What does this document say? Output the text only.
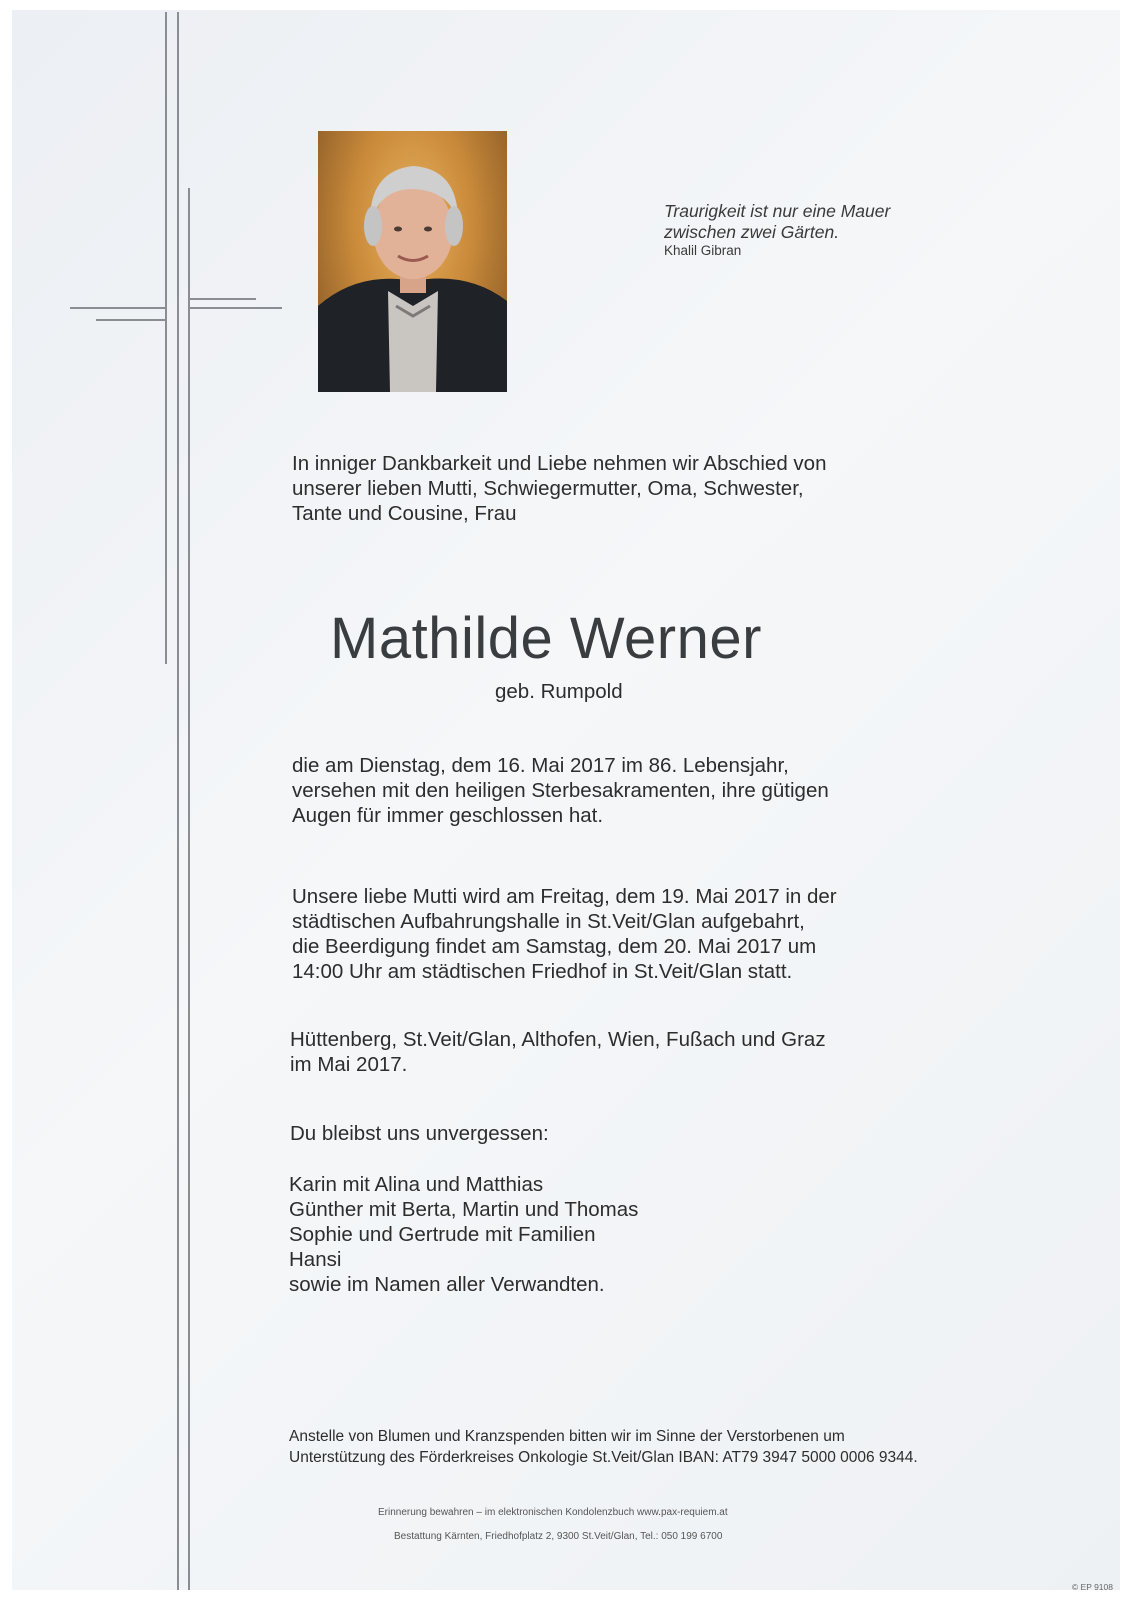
Traurigkeit ist nur eine Mauer
zwischen zwei Gärten.
Khalil Gibran
In inniger Dankbarkeit und Liebe nehmen wir Abschied von
unserer lieben Mutti, Schwiegermutter, Oma, Schwester,
Tante und Cousine, Frau
Mathilde Werner
geb. Rumpold
die am Dienstag, dem 16. Mai 2017 im 86. Lebensjahr,
versehen mit den heiligen Sterbesakramenten, ihre gütigen
Augen für immer geschlossen hat.
Unsere liebe Mutti wird am Freitag, dem 19. Mai 2017 in der
städtischen Aufbahrungshalle in St.Veit/Glan aufgebahrt,
die Beerdigung findet am Samstag, dem 20. Mai 2017 um
14:00 Uhr am städtischen Friedhof in St.Veit/Glan statt.
Hüttenberg, St.Veit/Glan, Althofen, Wien, Fußach und Graz
im Mai 2017.
Du bleibst uns unvergessen:
Karin mit Alina und Matthias
Günther mit Berta, Martin und Thomas
Sophie und Gertrude mit Familien
Hansi
sowie im Namen aller Verwandten.
Anstelle von Blumen und Kranzspenden bitten wir im Sinne der Verstorbenen um
Unterstützung des Förderkreises Onkologie St.Veit/Glan IBAN: AT79 3947 5000 0006 9344.
Erinnerung bewahren – im elektronischen Kondolenzbuch www.pax-requiem.at
Bestattung Kärnten, Friedhofplatz 2, 9300 St.Veit/Glan, Tel.: 050 199 6700
© EP 9108
